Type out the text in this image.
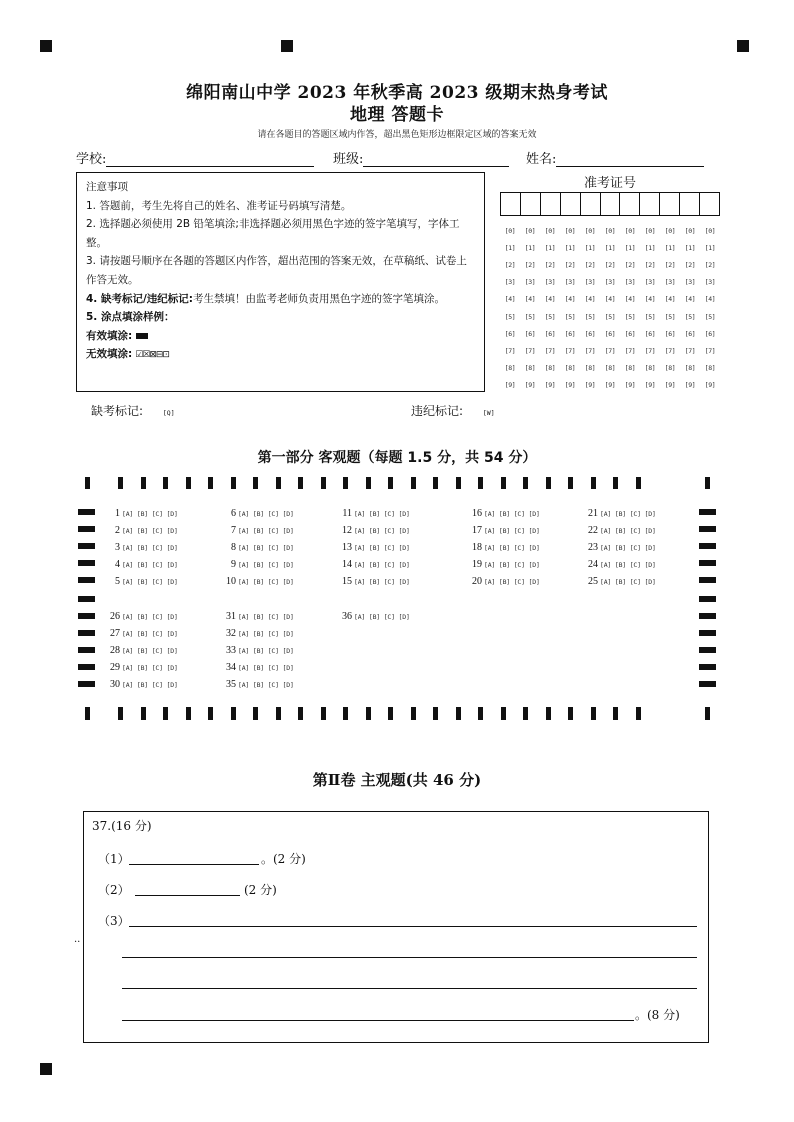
绵阳南山中学 2023 年秋季高 2023 级期末热身考试
地理 答题卡
请在各题目的答题区域内作答，超出黑色矩形边框限定区域的答案无效
学校:	班级:	姓名:
注意事项
1. 答题前，考生先将自己的姓名、准考证号码填写清楚。
2. 选择题必须使用 2B 铅笔填涂;非选择题必须用黑色字迹的签字笔填写，字体工整。
3. 请按题号顺序在各题的答题区内作答，超出范围的答案无效，在草稿纸、试卷上作答无效。
4. 缺考标记/违纪标记:考生禁填！由监考老师负责用黑色字迹的签字笔填涂。
5. 涂点填涂样例：
有效填涂:
无效填涂: ☑☒⊠⊟⊡
准考证号
[0]	[0]	[0]	[0]	[0]	[0]	[0]	[0]	[0]	[0]	[0]
[1]	[1]	[1]	[1]	[1]	[1]	[1]	[1]	[1]	[1]	[1]
[2]	[2]	[2]	[2]	[2]	[2]	[2]	[2]	[2]	[2]	[2]
[3]	[3]	[3]	[3]	[3]	[3]	[3]	[3]	[3]	[3]	[3]
[4]	[4]	[4]	[4]	[4]	[4]	[4]	[4]	[4]	[4]	[4]
[5]	[5]	[5]	[5]	[5]	[5]	[5]	[5]	[5]	[5]	[5]
[6]	[6]	[6]	[6]	[6]	[6]	[6]	[6]	[6]	[6]	[6]
[7]	[7]	[7]	[7]	[7]	[7]	[7]	[7]	[7]	[7]	[7]
[8]	[8]	[8]	[8]	[8]	[8]	[8]	[8]	[8]	[8]	[8]
[9]	[9]	[9]	[9]	[9]	[9]	[9]	[9]	[9]	[9]	[9]
缺考标记:	[Q]	违纪标记:	[W]
第一部分 客观题（每题 1.5 分，共 54 分）
1 [A] [B] [C] [D]
2 [A] [B] [C] [D]
3 [A] [B] [C] [D]
4 [A] [B] [C] [D]
5 [A] [B] [C] [D]
6 [A] [B] [C] [D]
7 [A] [B] [C] [D]
8 [A] [B] [C] [D]
9 [A] [B] [C] [D]
10 [A] [B] [C] [D]
11 [A] [B] [C] [D]
12 [A] [B] [C] [D]
13 [A] [B] [C] [D]
14 [A] [B] [C] [D]
15 [A] [B] [C] [D]
16 [A] [B] [C] [D]
17 [A] [B] [C] [D]
18 [A] [B] [C] [D]
19 [A] [B] [C] [D]
20 [A] [B] [C] [D]
21 [A] [B] [C] [D]
22 [A] [B] [C] [D]
23 [A] [B] [C] [D]
24 [A] [B] [C] [D]
25 [A] [B] [C] [D]
26 [A] [B] [C] [D]
27 [A] [B] [C] [D]
28 [A] [B] [C] [D]
29 [A] [B] [C] [D]
30 [A] [B] [C] [D]
31 [A] [B] [C] [D]
32 [A] [B] [C] [D]
33 [A] [B] [C] [D]
34 [A] [B] [C] [D]
35 [A] [B] [C] [D]
36 [A] [B] [C] [D]
第Ⅱ卷 主观题(共 46 分)
37.(16 分)
（1）	。(2 分)
（2）	(2 分)
（3）
。(8 分)
..
